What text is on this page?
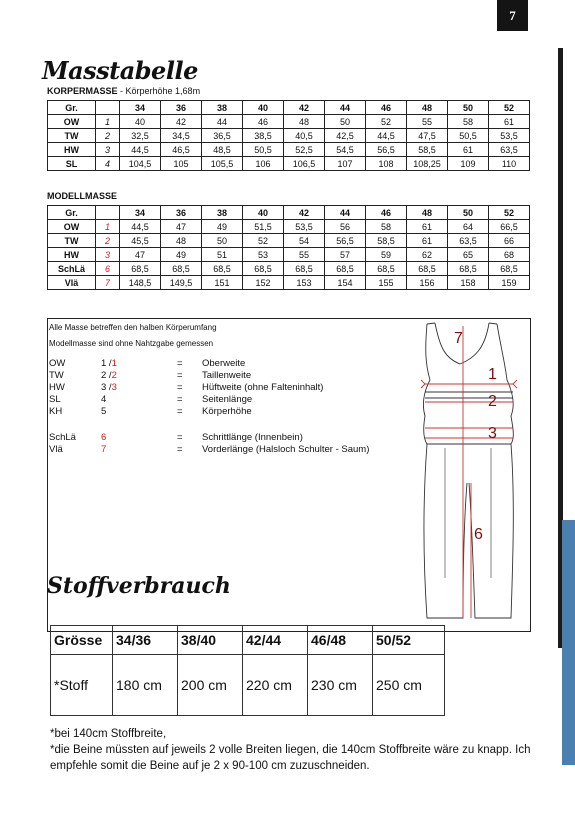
7
Masstabelle
KORPERMASSE - Körperhöhe 1,68m
Gr.		34	36	38	40	42	44	46	48	50	52
OW	1	40	42	44	46	48	50	52	55	58	61
TW	2	32,5	34,5	36,5	38,5	40,5	42,5	44,5	47,5	50,5	53,5
HW	3	44,5	46,5	48,5	50,5	52,5	54,5	56,5	58,5	61	63,5
SL	4	104,5	105	105,5	106	106,5	107	108	108,25	109	110
MODELLMASSE
Gr.		34	36	38	40	42	44	46	48	50	52
OW	1	44,5	47	49	51,5	53,5	56	58	61	64	66,5
TW	2	45,5	48	50	52	54	56,5	58,5	61	63,5	66
HW	3	47	49	51	53	55	57	59	62	65	68
SchLä	6	68,5	68,5	68,5	68,5	68,5	68,5	68,5	68,5	68,5	68,5
Vlä	7	148,5	149,5	151	152	153	154	155	156	158	159
Alle Masse betreffen den halben Körperumfang
Modellmasse sind ohne Nahtzgabe gemessen
OW	1 /1	= Oberweite
TW	2 /2	= Taillenweite
HW	3 /3	= Hüftweite (ohne Falteninhalt)
SL	4	= Seitenlänge
KH	5	= Körperhöhe
SchLä	6	= Schrittlänge (Innenbein)
Vlä	7	= Vorderlänge (Halsloch Schulter - Saum)
7
1
2
3
6
Stoffverbrauch
Grösse	34/36	38/40	42/44	46/48	50/52
*Stoff	180 cm	200 cm	220 cm	230 cm	250 cm
*bei 140cm Stoffbreite,
*die Beine müssten auf jeweils 2 volle Breiten liegen, die 140cm Stoffbreite wäre zu knapp. Ich empfehle somit die Beine auf je 2 x 90-100 cm zuzuschneiden.
